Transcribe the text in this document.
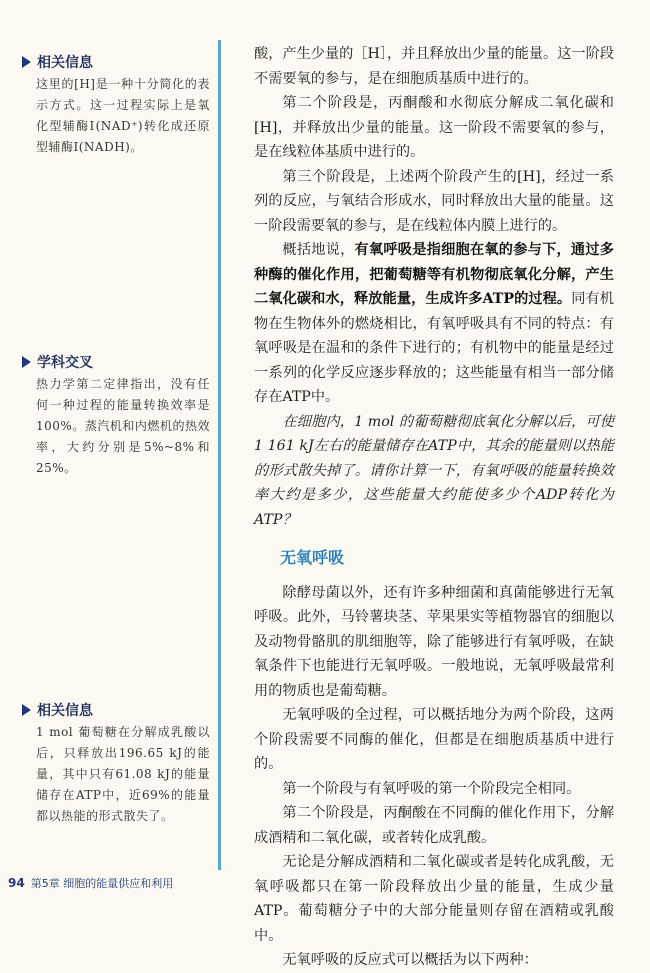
相关信息
这里的[H]是一种十分简化的表示方式。这一过程实际上是氧化型辅酶Ⅰ(NAD⁺)转化成还原型辅酶Ⅰ(NADH)。
学科交叉
热力学第二定律指出，没有任何一种过程的能量转换效率是100%。蒸汽机和内燃机的热效率，大约分别是5%~8%和25%。
相关信息
1 mol 葡萄糖在分解成乳酸以后，只释放出196.65 kJ的能量，其中只有61.08 kJ的能量储存在ATP中，近69%的能量都以热能的形式散失了。

酸，产生少量的［H］，并且释放出少量的能量。这一阶段不需要氧的参与，是在细胞质基质中进行的。

第二个阶段是，丙酮酸和水彻底分解成二氧化碳和[H]，并释放出少量的能量。这一阶段不需要氧的参与，是在线粒体基质中进行的。

第三个阶段是，上述两个阶段产生的[H]，经过一系列的反应，与氧结合形成水，同时释放出大量的能量。这一阶段需要氧的参与，是在线粒体内膜上进行的。

概括地说，有氧呼吸是指细胞在氧的参与下，通过多种酶的催化作用，把葡萄糖等有机物彻底氧化分解，产生二氧化碳和水，释放能量，生成许多ATP的过程。同有机物在生物体外的燃烧相比，有氧呼吸具有不同的特点：有氧呼吸是在温和的条件下进行的；有机物中的能量是经过一系列的化学反应逐步释放的；这些能量有相当一部分储存在ATP中。

在细胞内，1 mol 的葡萄糖彻底氧化分解以后，可使1 161 kJ左右的能量储存在ATP中，其余的能量则以热能的形式散失掉了。请你计算一下，有氧呼吸的能量转换效率大约是多少，这些能量大约能使多少个ADP转化为ATP？

无氧呼吸

除酵母菌以外，还有许多种细菌和真菌能够进行无氧呼吸。此外，马铃薯块茎、苹果果实等植物器官的细胞以及动物骨骼肌的肌细胞等，除了能够进行有氧呼吸，在缺氧条件下也能进行无氧呼吸。一般地说，无氧呼吸最常利用的物质也是葡萄糖。

无氧呼吸的全过程，可以概括地分为两个阶段，这两个阶段需要不同酶的催化，但都是在细胞质基质中进行的。

第一个阶段与有氧呼吸的第一个阶段完全相同。

第二个阶段是，丙酮酸在不同酶的催化作用下，分解成酒精和二氧化碳，或者转化成乳酸。

无论是分解成酒精和二氧化碳或者是转化成乳酸，无氧呼吸都只在第一阶段释放出少量的能量，生成少量ATP。葡萄糖分子中的大部分能量则存留在酒精或乳酸中。

无氧呼吸的反应式可以概括为以下两种：

94 第5章 细胞的能量供应和利用
